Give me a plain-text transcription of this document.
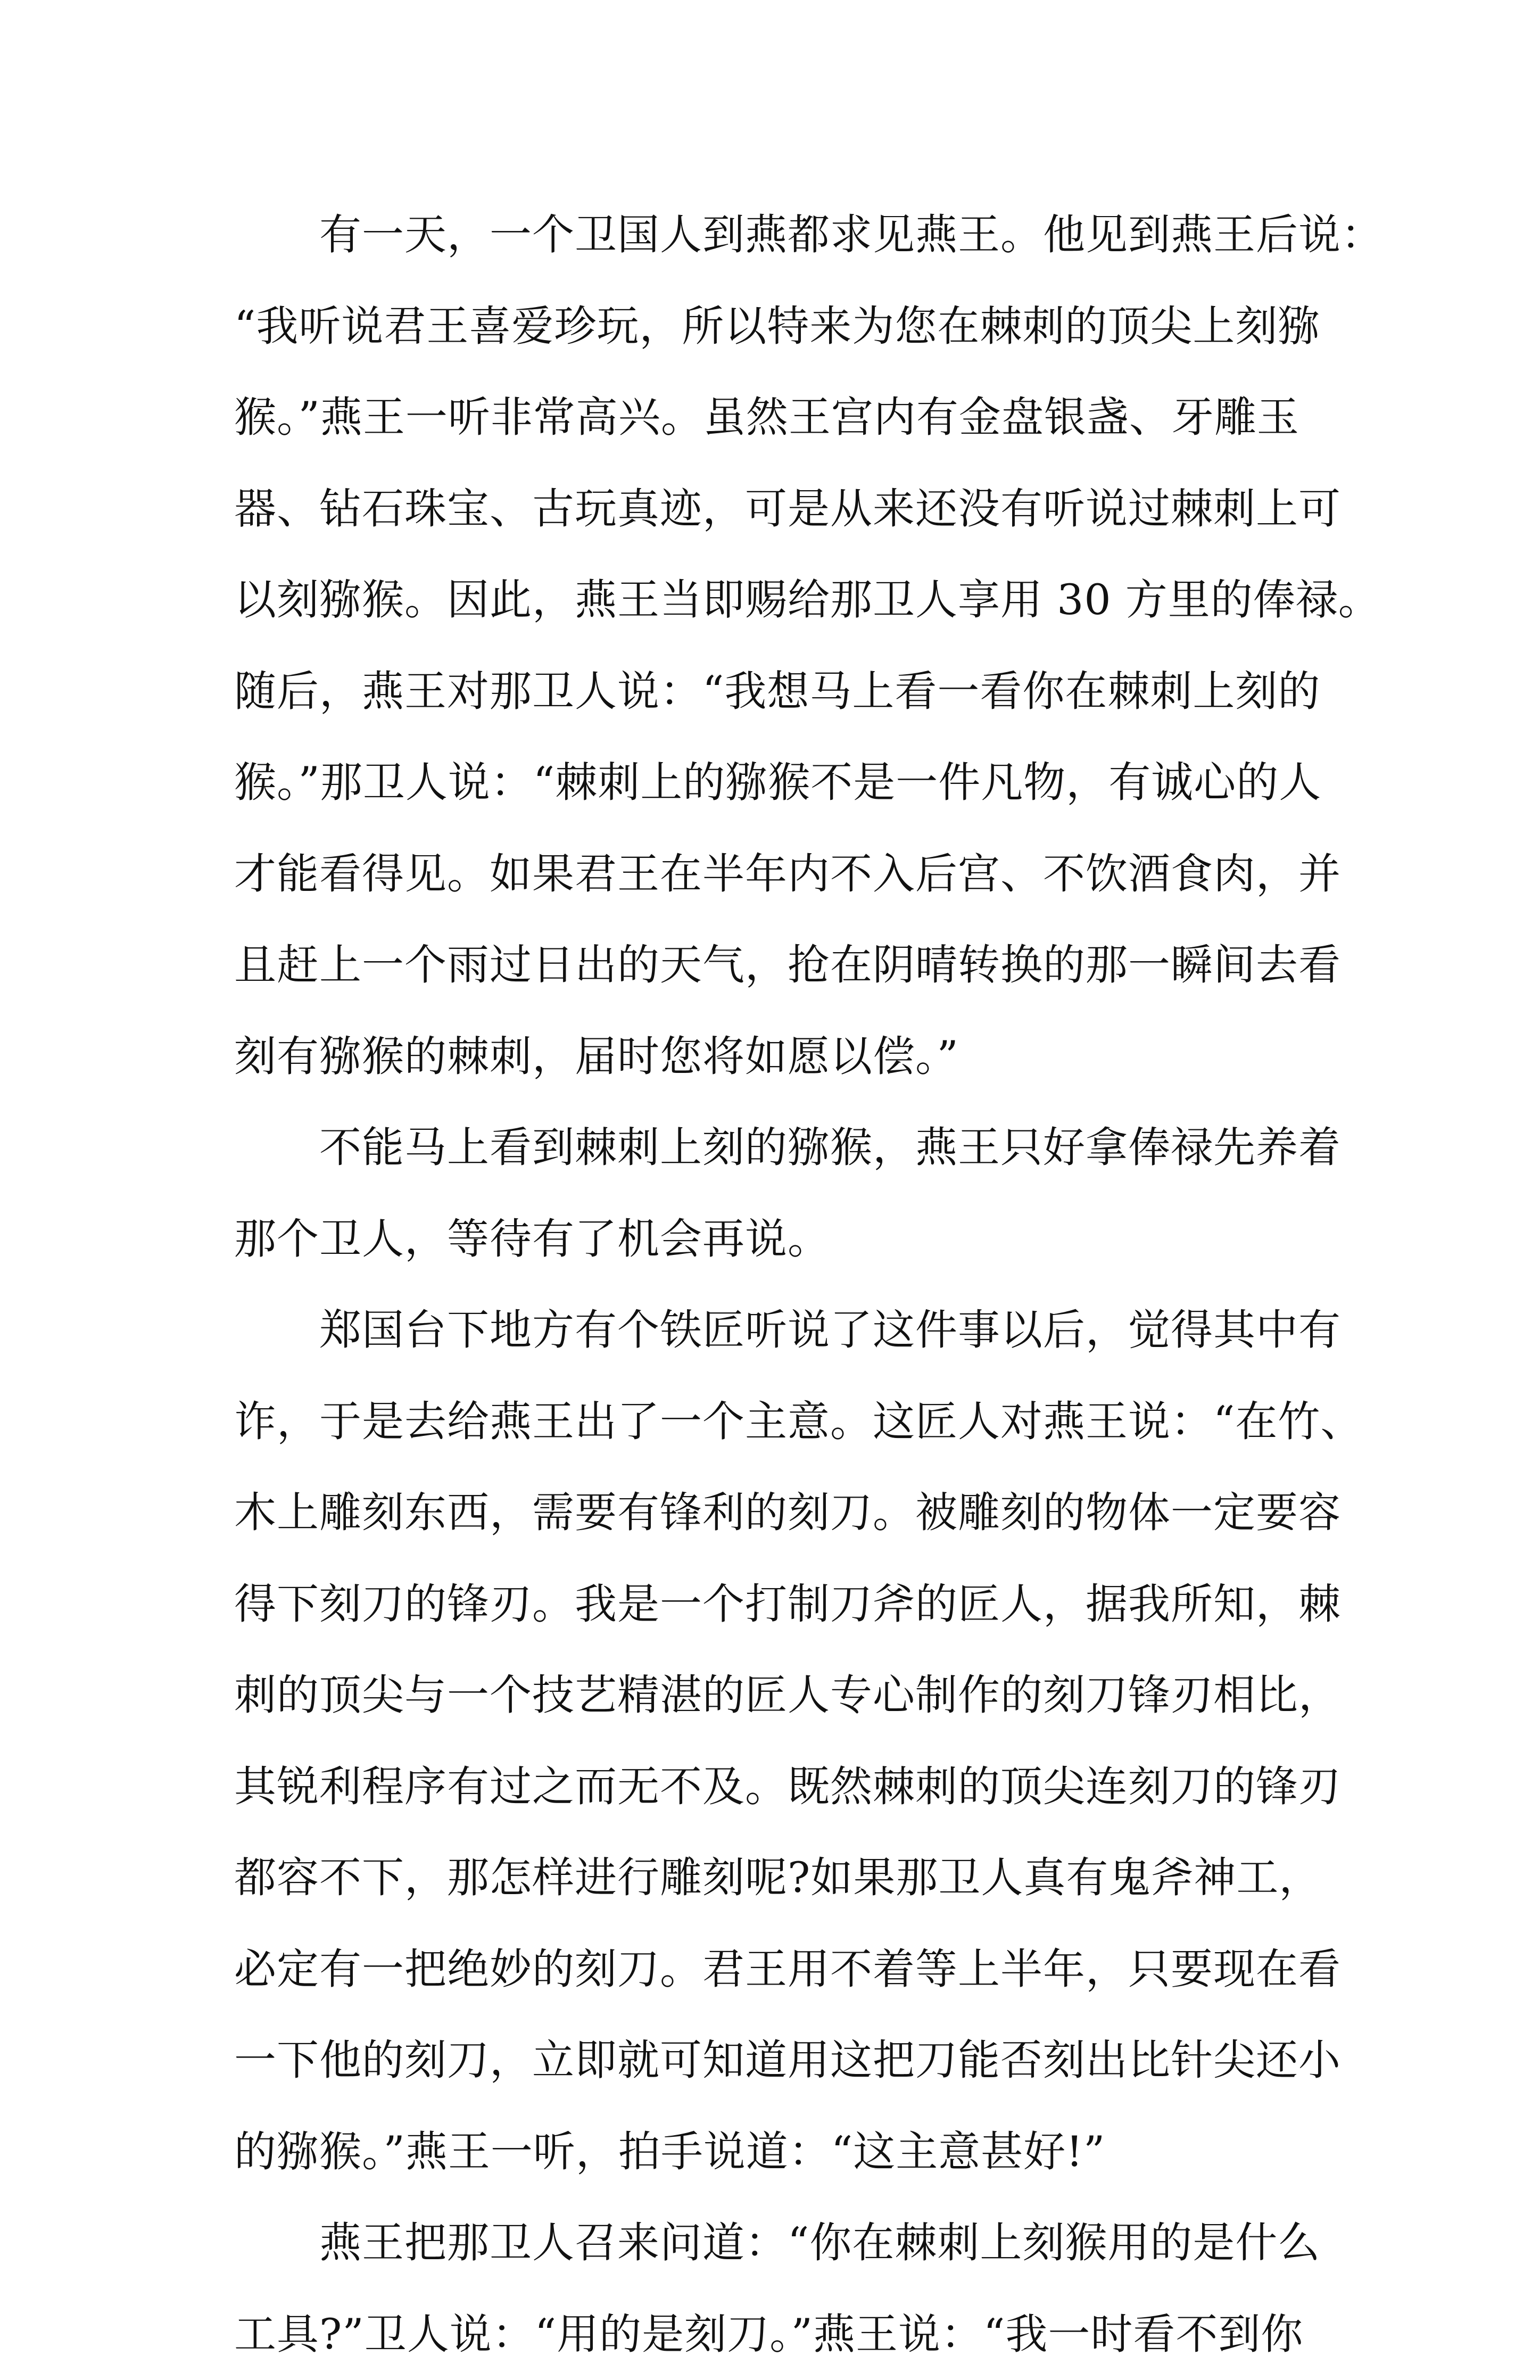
　　有一天，一个卫国人到燕都求见燕王。他见到燕王后说：
“我听说君王喜爱珍玩，所以特来为您在棘刺的顶尖上刻猕
猴。”燕王一听非常高兴。虽然王宫内有金盘银盏、牙雕玉
器、钻石珠宝、古玩真迹，可是从来还没有听说过棘刺上可
以刻猕猴。因此，燕王当即赐给那卫人享用 30 方里的俸禄。
随后，燕王对那卫人说：“我想马上看一看你在棘刺上刻的
猴。”那卫人说：“棘刺上的猕猴不是一件凡物，有诚心的人
才能看得见。如果君王在半年内不入后宫、不饮酒食肉，并
且赶上一个雨过日出的天气，抢在阴晴转换的那一瞬间去看
刻有猕猴的棘刺，届时您将如愿以偿。”
　　不能马上看到棘刺上刻的猕猴，燕王只好拿俸禄先养着
那个卫人，等待有了机会再说。
　　郑国台下地方有个铁匠听说了这件事以后，觉得其中有
诈，于是去给燕王出了一个主意。这匠人对燕王说：“在竹、
木上雕刻东西，需要有锋利的刻刀。被雕刻的物体一定要容
得下刻刀的锋刃。我是一个打制刀斧的匠人，据我所知，棘
刺的顶尖与一个技艺精湛的匠人专心制作的刻刀锋刃相比，
其锐利程序有过之而无不及。既然棘刺的顶尖连刻刀的锋刃
都容不下，那怎样进行雕刻呢?如果那卫人真有鬼斧神工，
必定有一把绝妙的刻刀。君王用不着等上半年，只要现在看
一下他的刻刀，立即就可知道用这把刀能否刻出比针尖还小
的猕猴。”燕王一听，拍手说道：“这主意甚好!”
　　燕王把那卫人召来问道：“你在棘刺上刻猴用的是什么
工具?”卫人说：“用的是刻刀。”燕王说：“我一时看不到你
